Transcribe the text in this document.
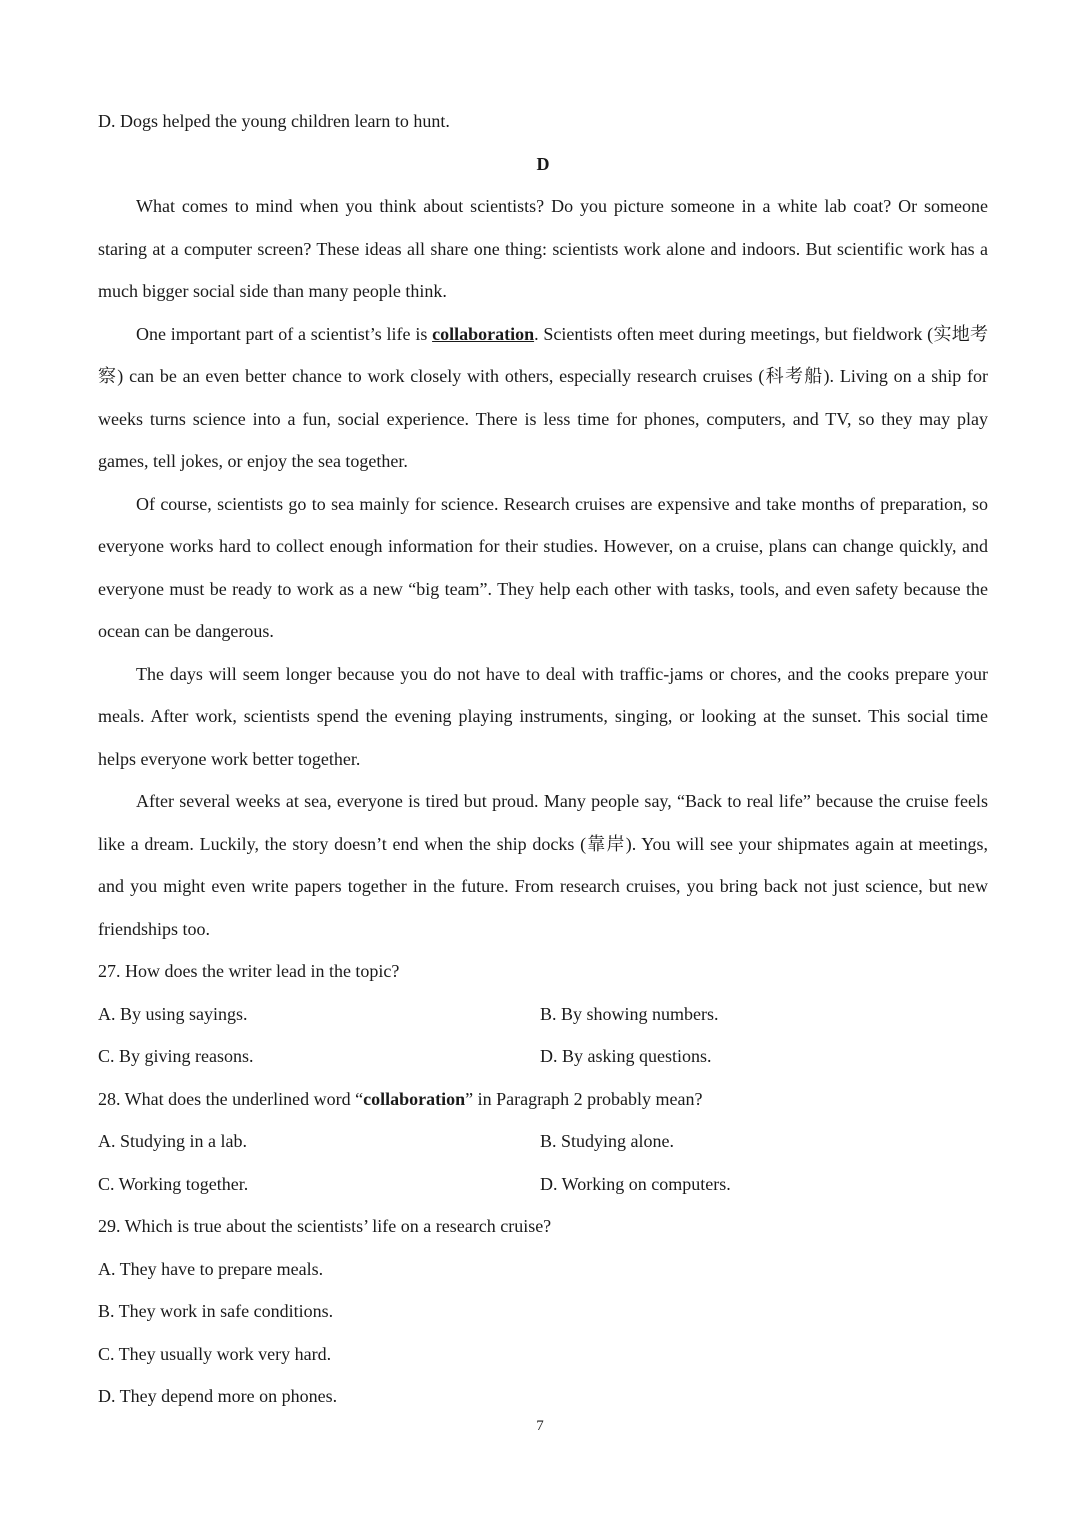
D. Dogs helped the young children learn to hunt.

D

What comes to mind when you think about scientists? Do you picture someone in a white lab coat? Or someone staring at a computer screen? These ideas all share one thing: scientists work alone and indoors. But scientific work has a much bigger social side than many people think.

One important part of a scientist’s life is collaboration. Scientists often meet during meetings, but fieldwork (实地考察) can be an even better chance to work closely with others, especially research cruises (科考船). Living on a ship for weeks turns science into a fun, social experience. There is less time for phones, computers, and TV, so they may play games, tell jokes, or enjoy the sea together.

Of course, scientists go to sea mainly for science. Research cruises are expensive and take months of preparation, so everyone works hard to collect enough information for their studies. However, on a cruise, plans can change quickly, and everyone must be ready to work as a new “big team”. They help each other with tasks, tools, and even safety because the ocean can be dangerous.

The days will seem longer because you do not have to deal with traffic-jams or chores, and the cooks prepare your meals. After work, scientists spend the evening playing instruments, singing, or looking at the sunset. This social time helps everyone work better together.

After several weeks at sea, everyone is tired but proud. Many people say, “Back to real life” because the cruise feels like a dream. Luckily, the story doesn’t end when the ship docks (靠岸). You will see your shipmates again at meetings, and you might even write papers together in the future. From research cruises, you bring back not just science, but new friendships too.

27. How does the writer lead in the topic?

A. By using sayings.	B. By showing numbers.
C. By giving reasons.	D. By asking questions.

28. What does the underlined word “collaboration” in Paragraph 2 probably mean?

A. Studying in a lab.	B. Studying alone.
C. Working together.	D. Working on computers.

29. Which is true about the scientists’ life on a research cruise?

A. They have to prepare meals.

B. They work in safe conditions.

C. They usually work very hard.

D. They depend more on phones.

7
